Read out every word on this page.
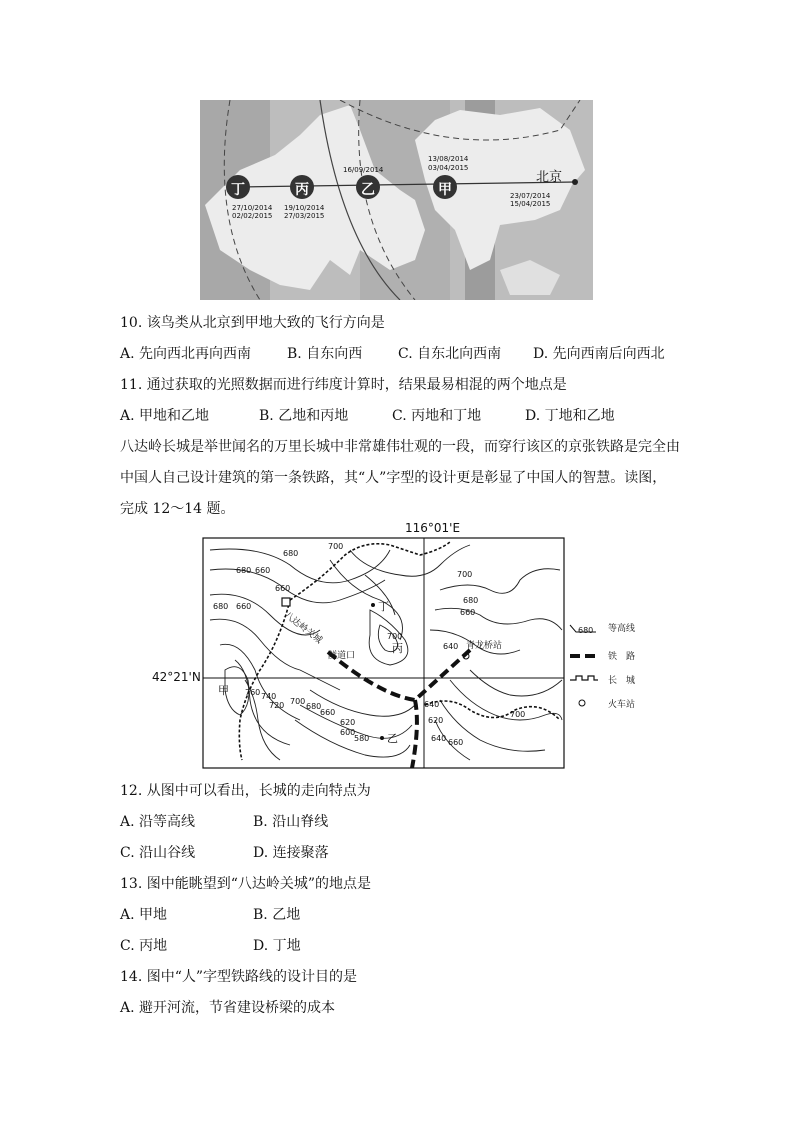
丁	丙	乙	甲
北京
27/10/2014
02/02/2015
19/10/2014
27/03/2015
16/09/2014
13/08/2014
03/04/2015
23/07/2014
15/04/2015
10. 该鸟类从北京到甲地大致的飞行方向是
A. 先向西北再向西南	B. 自东向西	C. 自东北向西南 D. 先向西南后向西北
11. 通过获取的光照数据而进行纬度计算时，结果最易相混的两个地点是
A. 甲地和乙地	B. 乙地和丙地	C. 丙地和丁地	D. 丁地和乙地
八达岭长城是举世闻名的万里长城中非常雄伟壮观的一段，而穿行该区的京张铁路是完全由
中国人自己设计建筑的第一条铁路，其“人”字型的设计更是彰显了中国人的智慧。读图，
完成 12～14 题。
116°01'E
42°21'N
八达岭关城
隧道口
青龙桥站
甲
乙
丙
丁
680
700
660
680
660
700
680
660
680
660
700
640
640
740
760
720 700
680
660
620
600
580
620
640 660
700
680 等高线
铁　路
长　城
火车站
12. 从图中可以看出，长城的走向特点为
A. 沿等高线	B. 沿山脊线
C. 沿山谷线	D. 连接聚落
13. 图中能眺望到“八达岭关城”的地点是
A. 甲地	B. 乙地
C. 丙地	D. 丁地
14. 图中“人”字型铁路线的设计目的是
A. 避开河流，节省建设桥梁的成本
